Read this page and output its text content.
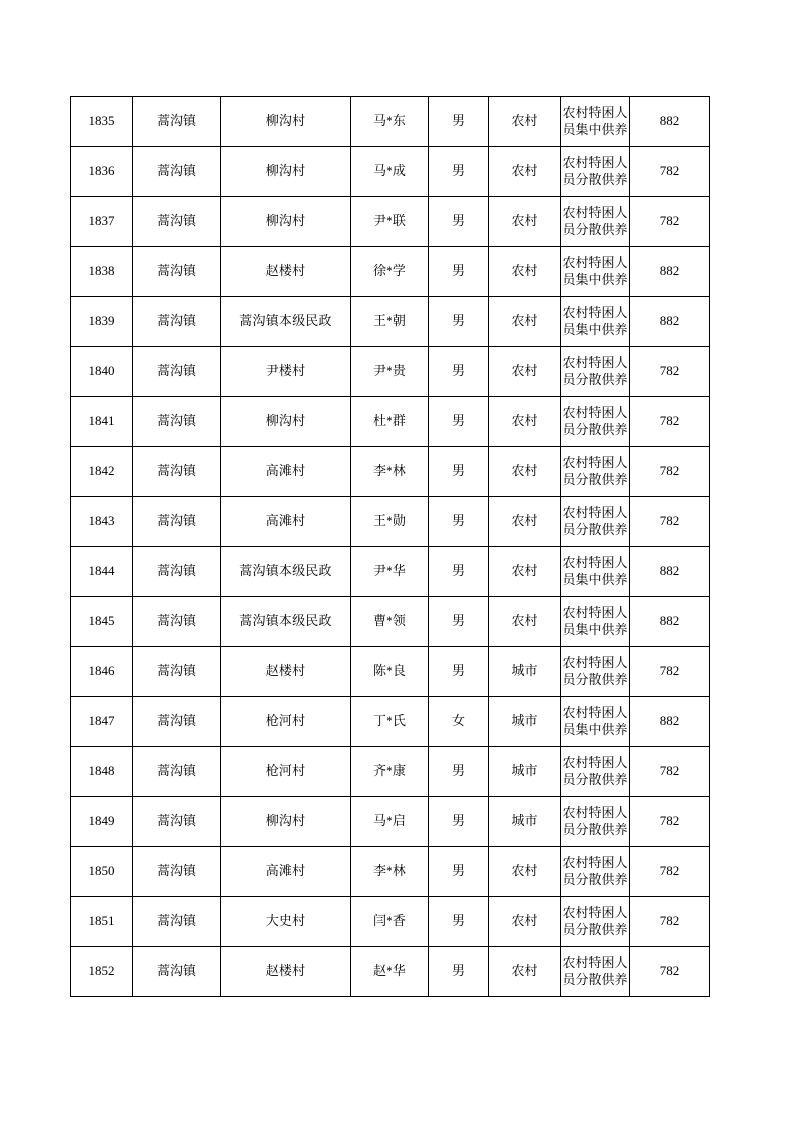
1835	蒿沟镇	柳沟村	马*东	男	农村	农村特困人员集中供养	882
1836	蒿沟镇	柳沟村	马*成	男	农村	农村特困人员分散供养	782
1837	蒿沟镇	柳沟村	尹*联	男	农村	农村特困人员分散供养	782
1838	蒿沟镇	赵楼村	徐*学	男	农村	农村特困人员集中供养	882
1839	蒿沟镇	蒿沟镇本级民政	王*朝	男	农村	农村特困人员集中供养	882
1840	蒿沟镇	尹楼村	尹*贵	男	农村	农村特困人员分散供养	782
1841	蒿沟镇	柳沟村	杜*群	男	农村	农村特困人员分散供养	782
1842	蒿沟镇	高滩村	李*林	男	农村	农村特困人员分散供养	782
1843	蒿沟镇	高滩村	王*勋	男	农村	农村特困人员分散供养	782
1844	蒿沟镇	蒿沟镇本级民政	尹*华	男	农村	农村特困人员集中供养	882
1845	蒿沟镇	蒿沟镇本级民政	曹*领	男	农村	农村特困人员集中供养	882
1846	蒿沟镇	赵楼村	陈*良	男	城市	农村特困人员分散供养	782
1847	蒿沟镇	枪河村	丁*氏	女	城市	农村特困人员集中供养	882
1848	蒿沟镇	枪河村	齐*康	男	城市	农村特困人员分散供养	782
1849	蒿沟镇	柳沟村	马*启	男	城市	农村特困人员分散供养	782
1850	蒿沟镇	高滩村	李*林	男	农村	农村特困人员分散供养	782
1851	蒿沟镇	大史村	闫*香	男	农村	农村特困人员分散供养	782
1852	蒿沟镇	赵楼村	赵*华	男	农村	农村特困人员分散供养	782
